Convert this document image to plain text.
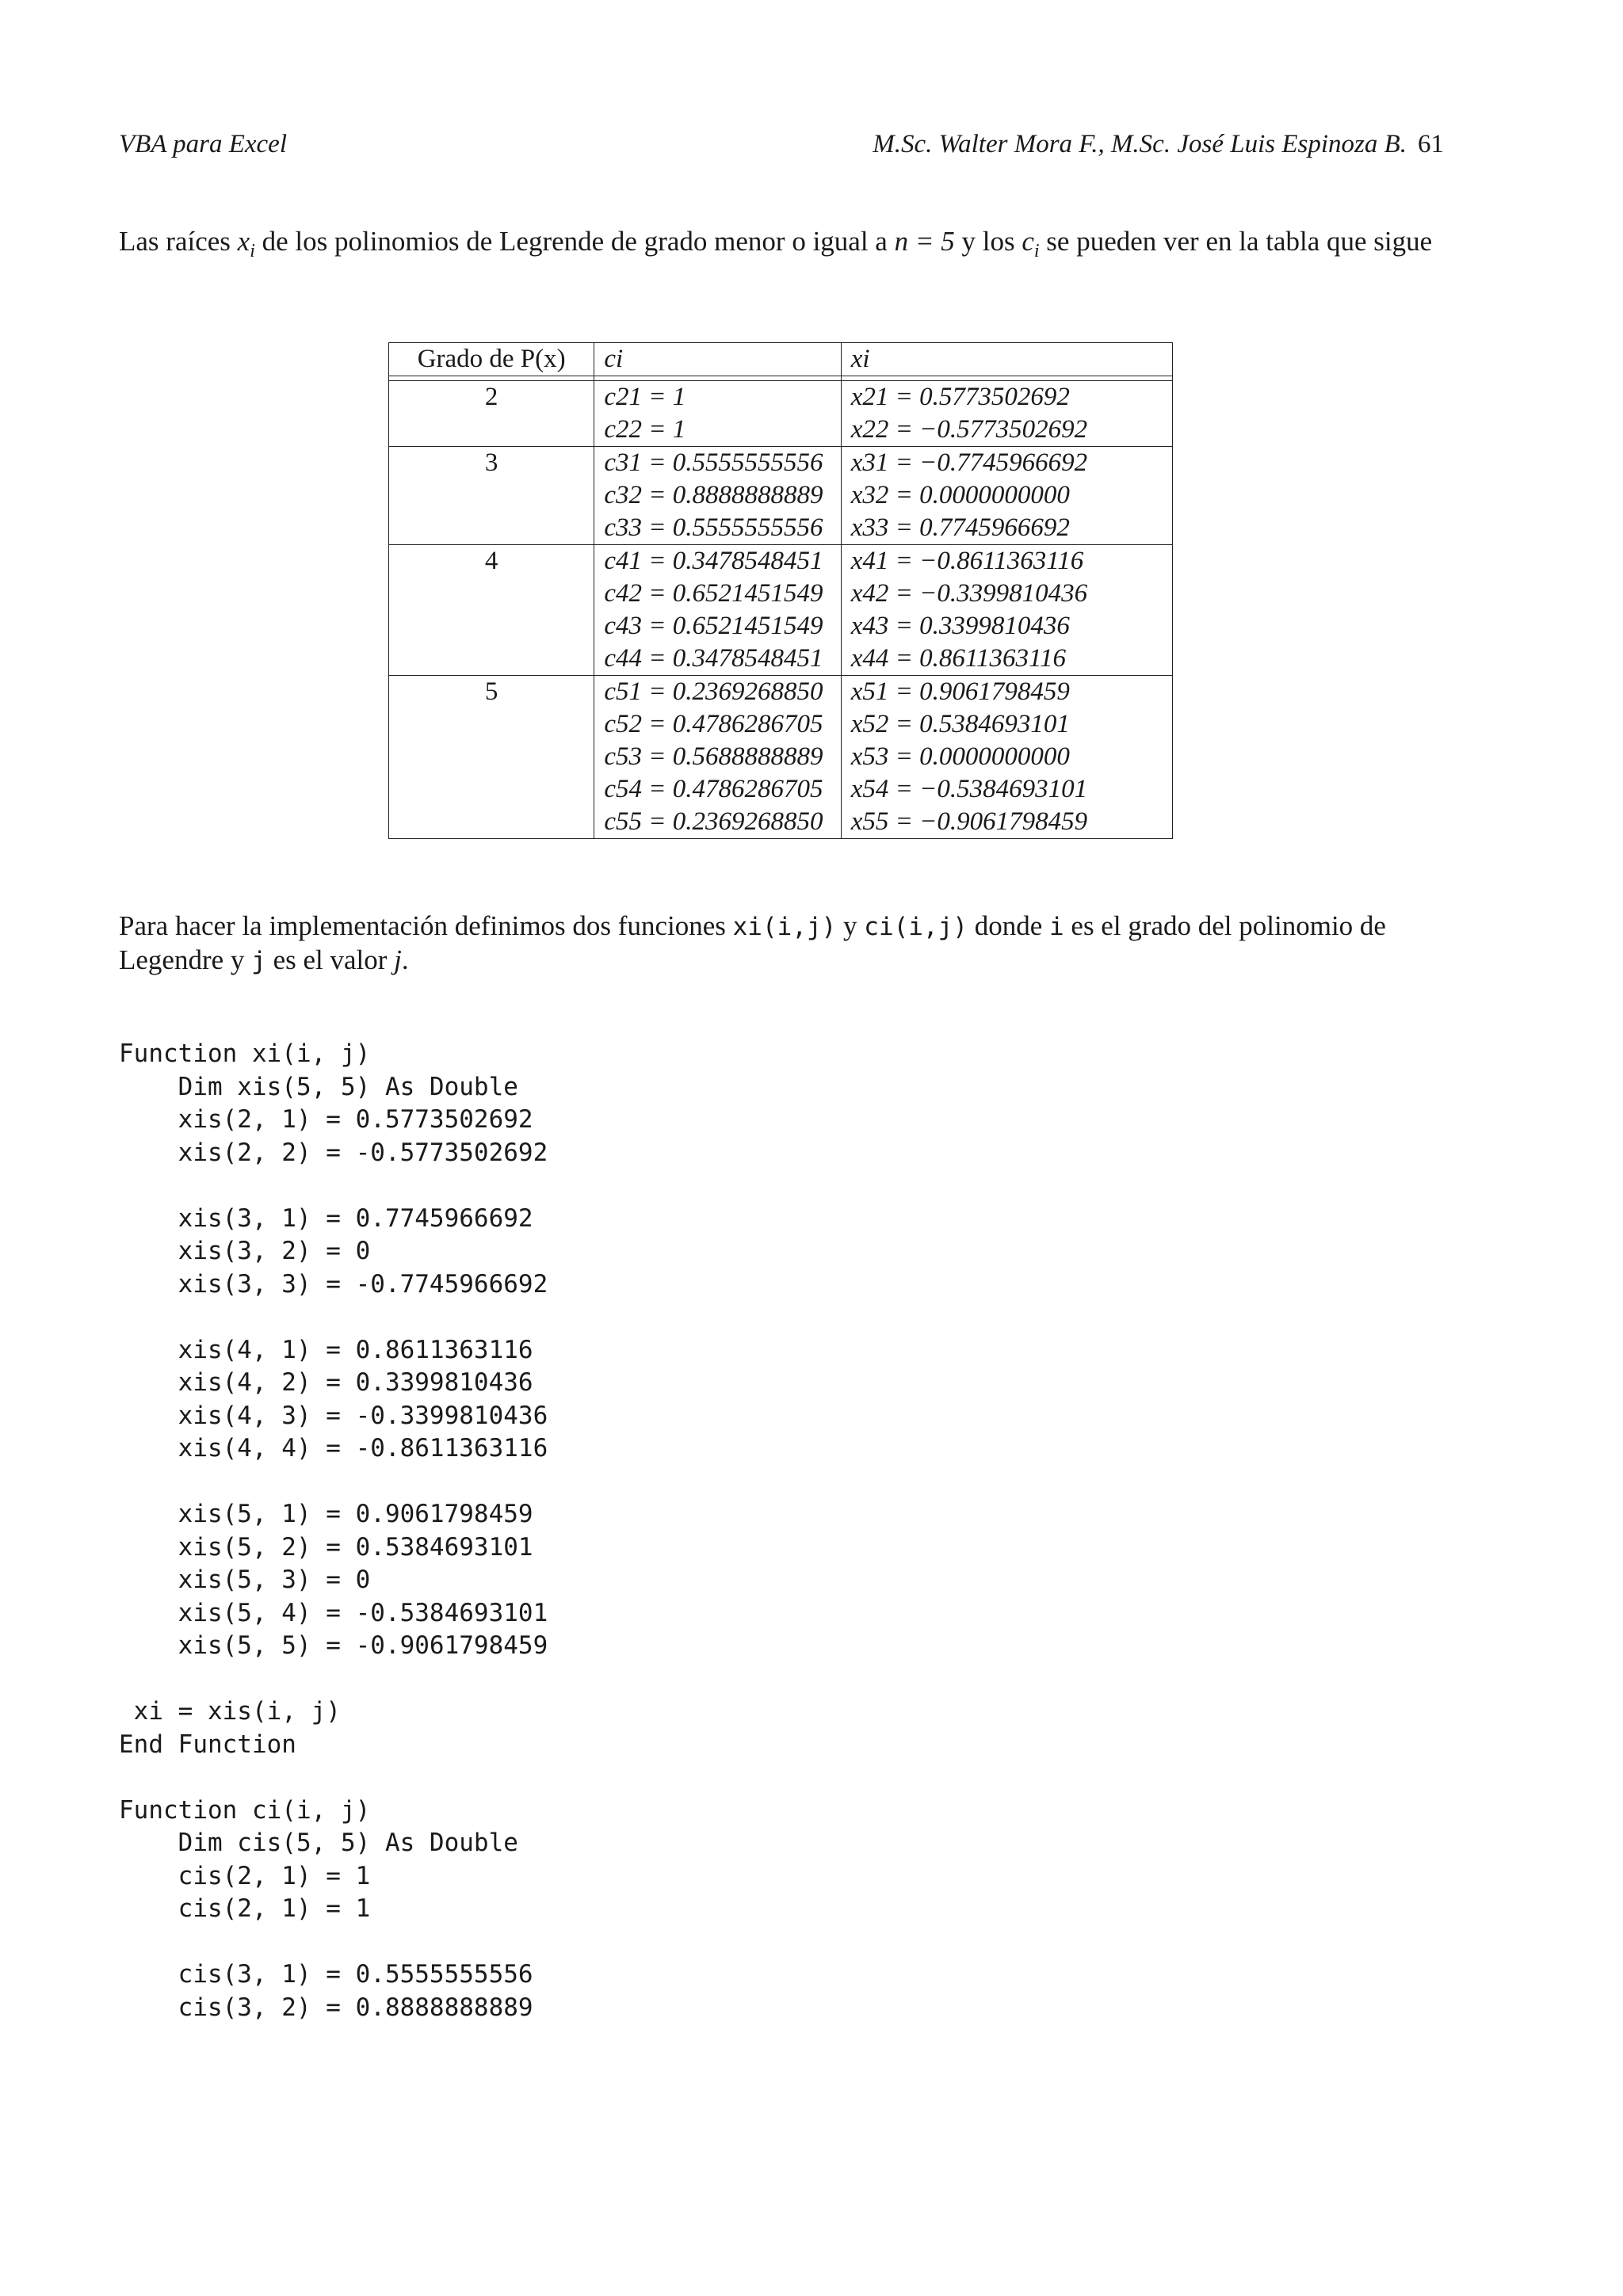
VBA para Excel	M.Sc. Walter Mora F., M.Sc. José Luis Espinoza B. 61
Las raíces $x_i$ de los polinomios de Legrende de grado menor o igual a n = 5 y los $c_i$ se pueden ver en la tabla que sigue
Grado de P(x)	ci	xi

2	c21 = 1	x21 = 0.5773502692
	c22 = 1	x22 = −0.5773502692
3	c31 = 0.5555555556	x31 = −0.7745966692
	c32 = 0.8888888889	x32 = 0.0000000000
	c33 = 0.5555555556	x33 = 0.7745966692
4	c41 = 0.3478548451	x41 = −0.8611363116
	c42 = 0.6521451549	x42 = −0.3399810436
	c43 = 0.6521451549	x43 = 0.3399810436
	c44 = 0.3478548451	x44 = 0.8611363116
5	c51 = 0.2369268850	x51 = 0.9061798459
	c52 = 0.4786286705	x52 = 0.5384693101
	c53 = 0.5688888889	x53 = 0.0000000000
	c54 = 0.4786286705	x54 = −0.5384693101
	c55 = 0.2369268850	x55 = −0.9061798459
Para hacer la implementación definimos dos funciones xi(i,j) y ci(i,j) donde i es el grado del polinomio de Legendre y j es el valor j.
Function xi(i, j)
Dim xis(5, 5) As Double
xis(2, 1) = 0.5773502692
xis(2, 2) = -0.5773502692

xis(3, 1) = 0.7745966692
xis(3, 2) = 0
xis(3, 3) = -0.7745966692

xis(4, 1) = 0.8611363116
xis(4, 2) = 0.3399810436
xis(4, 3) = -0.3399810436
xis(4, 4) = -0.8611363116

xis(5, 1) = 0.9061798459
xis(5, 2) = 0.5384693101
xis(5, 3) = 0
xis(5, 4) = -0.5384693101
xis(5, 5) = -0.9061798459

xi = xis(i, j)
End Function

Function ci(i, j)
Dim cis(5, 5) As Double
cis(2, 1) = 1
cis(2, 1) = 1

cis(3, 1) = 0.5555555556
cis(3, 2) = 0.8888888889
